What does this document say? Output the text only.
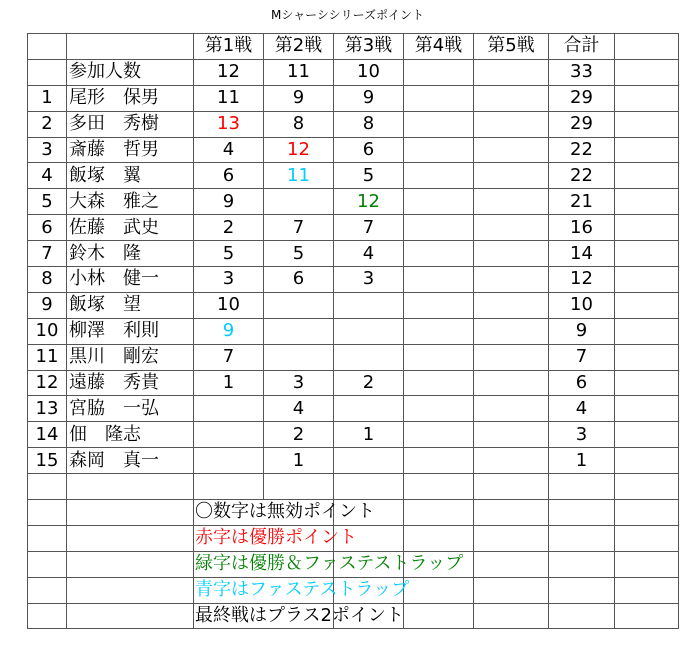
Mシャーシシリーズポイント
		第1戦	第2戦	第3戦	第4戦	第5戦	合計	
	参加人数	12	11	10			33	
1	尾形　保男	11	9	9			29	
2	多田　秀樹	13	8	8			29	
3	斎藤　哲男	4	12	6			22	
4	飯塚　翼	6	11	5			22	
5	大森　雅之	9		12			21	
6	佐藤　武史	2	7	7			16	
7	鈴木　隆	5	5	4			14	
8	小林　健一	3	6	3			12	
9	飯塚　望	10					10	
10	柳澤　利則	9					9	
11	黒川　剛宏	7					7	
12	遠藤　秀貴	1	3	2			6	
13	宮脇　一弘		4				4	
14	佃　隆志		2	1			3	
15	森岡　真一		1				1	

		〇数字は無効ポイント						
		赤字は優勝ポイント						
		緑字は優勝＆ファステストラップ						
		青字はファステストラップ						
		最終戦はプラス2ポイント						
